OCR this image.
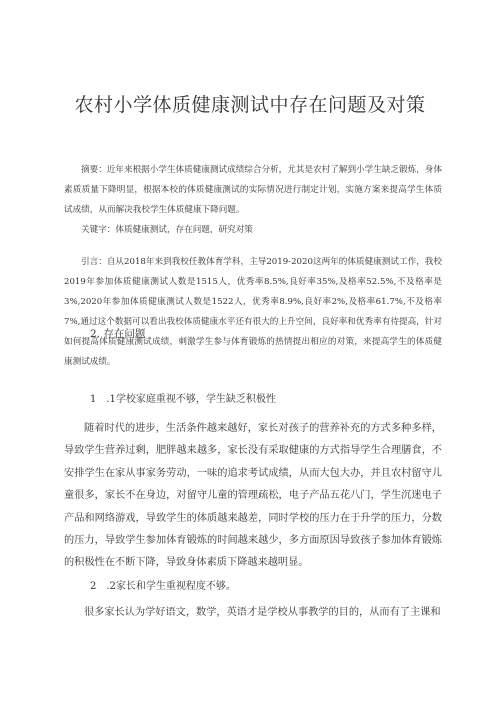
农村小学体质健康测试中存在问题及对策
摘要：近年来根据小学生体质健康测试成绩综合分析，尤其是农村了解到小学生缺乏锻炼，身体素质质量下降明显，根据本校的体质健康测试的实际情况进行制定计划，实施方案来提高学生体质试成绩，从而解决我校学生体质健康下降问题。
关键字：体质健康测试，存在问题，研究对策
引言：自从2018年来到我校任教体育学科，主导2019-2020这两年的体质健康测试工作，我校2019年参加体质健康测试人数是1515人，优秀率8.5%,良好率35%,及格率52.5%,不及格率是3%,2020年参加体质健康测试人数是1522人，优秀率8.9%,良好率2%,及格率61.7%,不及格率7%,通过这个数据可以看出我校体质健康水平还有很大的上升空间，良好率和优秀率有待提高，针对如何提高体质健康测试成绩，刺激学生参与体育锻炼的热情提出相应的对策，来提高学生的体质健康测试成绩。
2. 存在问题
1　.1学校家庭重视不够，学生缺乏积极性
随着时代的进步，生活条件越来越好，家长对孩子的营养补充的方式多种多样，导致学生营养过剩，肥胖越来越多，家长没有采取健康的方式指导学生合理膳食，不安排学生在家从事家务劳动，一味的追求考试成绩，从而大包大办，并且农村留守儿童很多，家长不在身边，对留守儿童的管理疏松，电子产品五花八门，学生沉迷电子产品和网络游戏，导致学生的体质越来越差，同时学校的压力在于升学的压力，分数的压力，导致学生参加体育锻炼的时间越来越少，多方面原因导致孩子参加体育锻炼的积极性在不断下降，导致身体素质下降越来越明显。
2　.2家长和学生重视程度不够。
很多家长认为学好语文，数学，英语才是学校从事教学的目的，从而有了主课和
